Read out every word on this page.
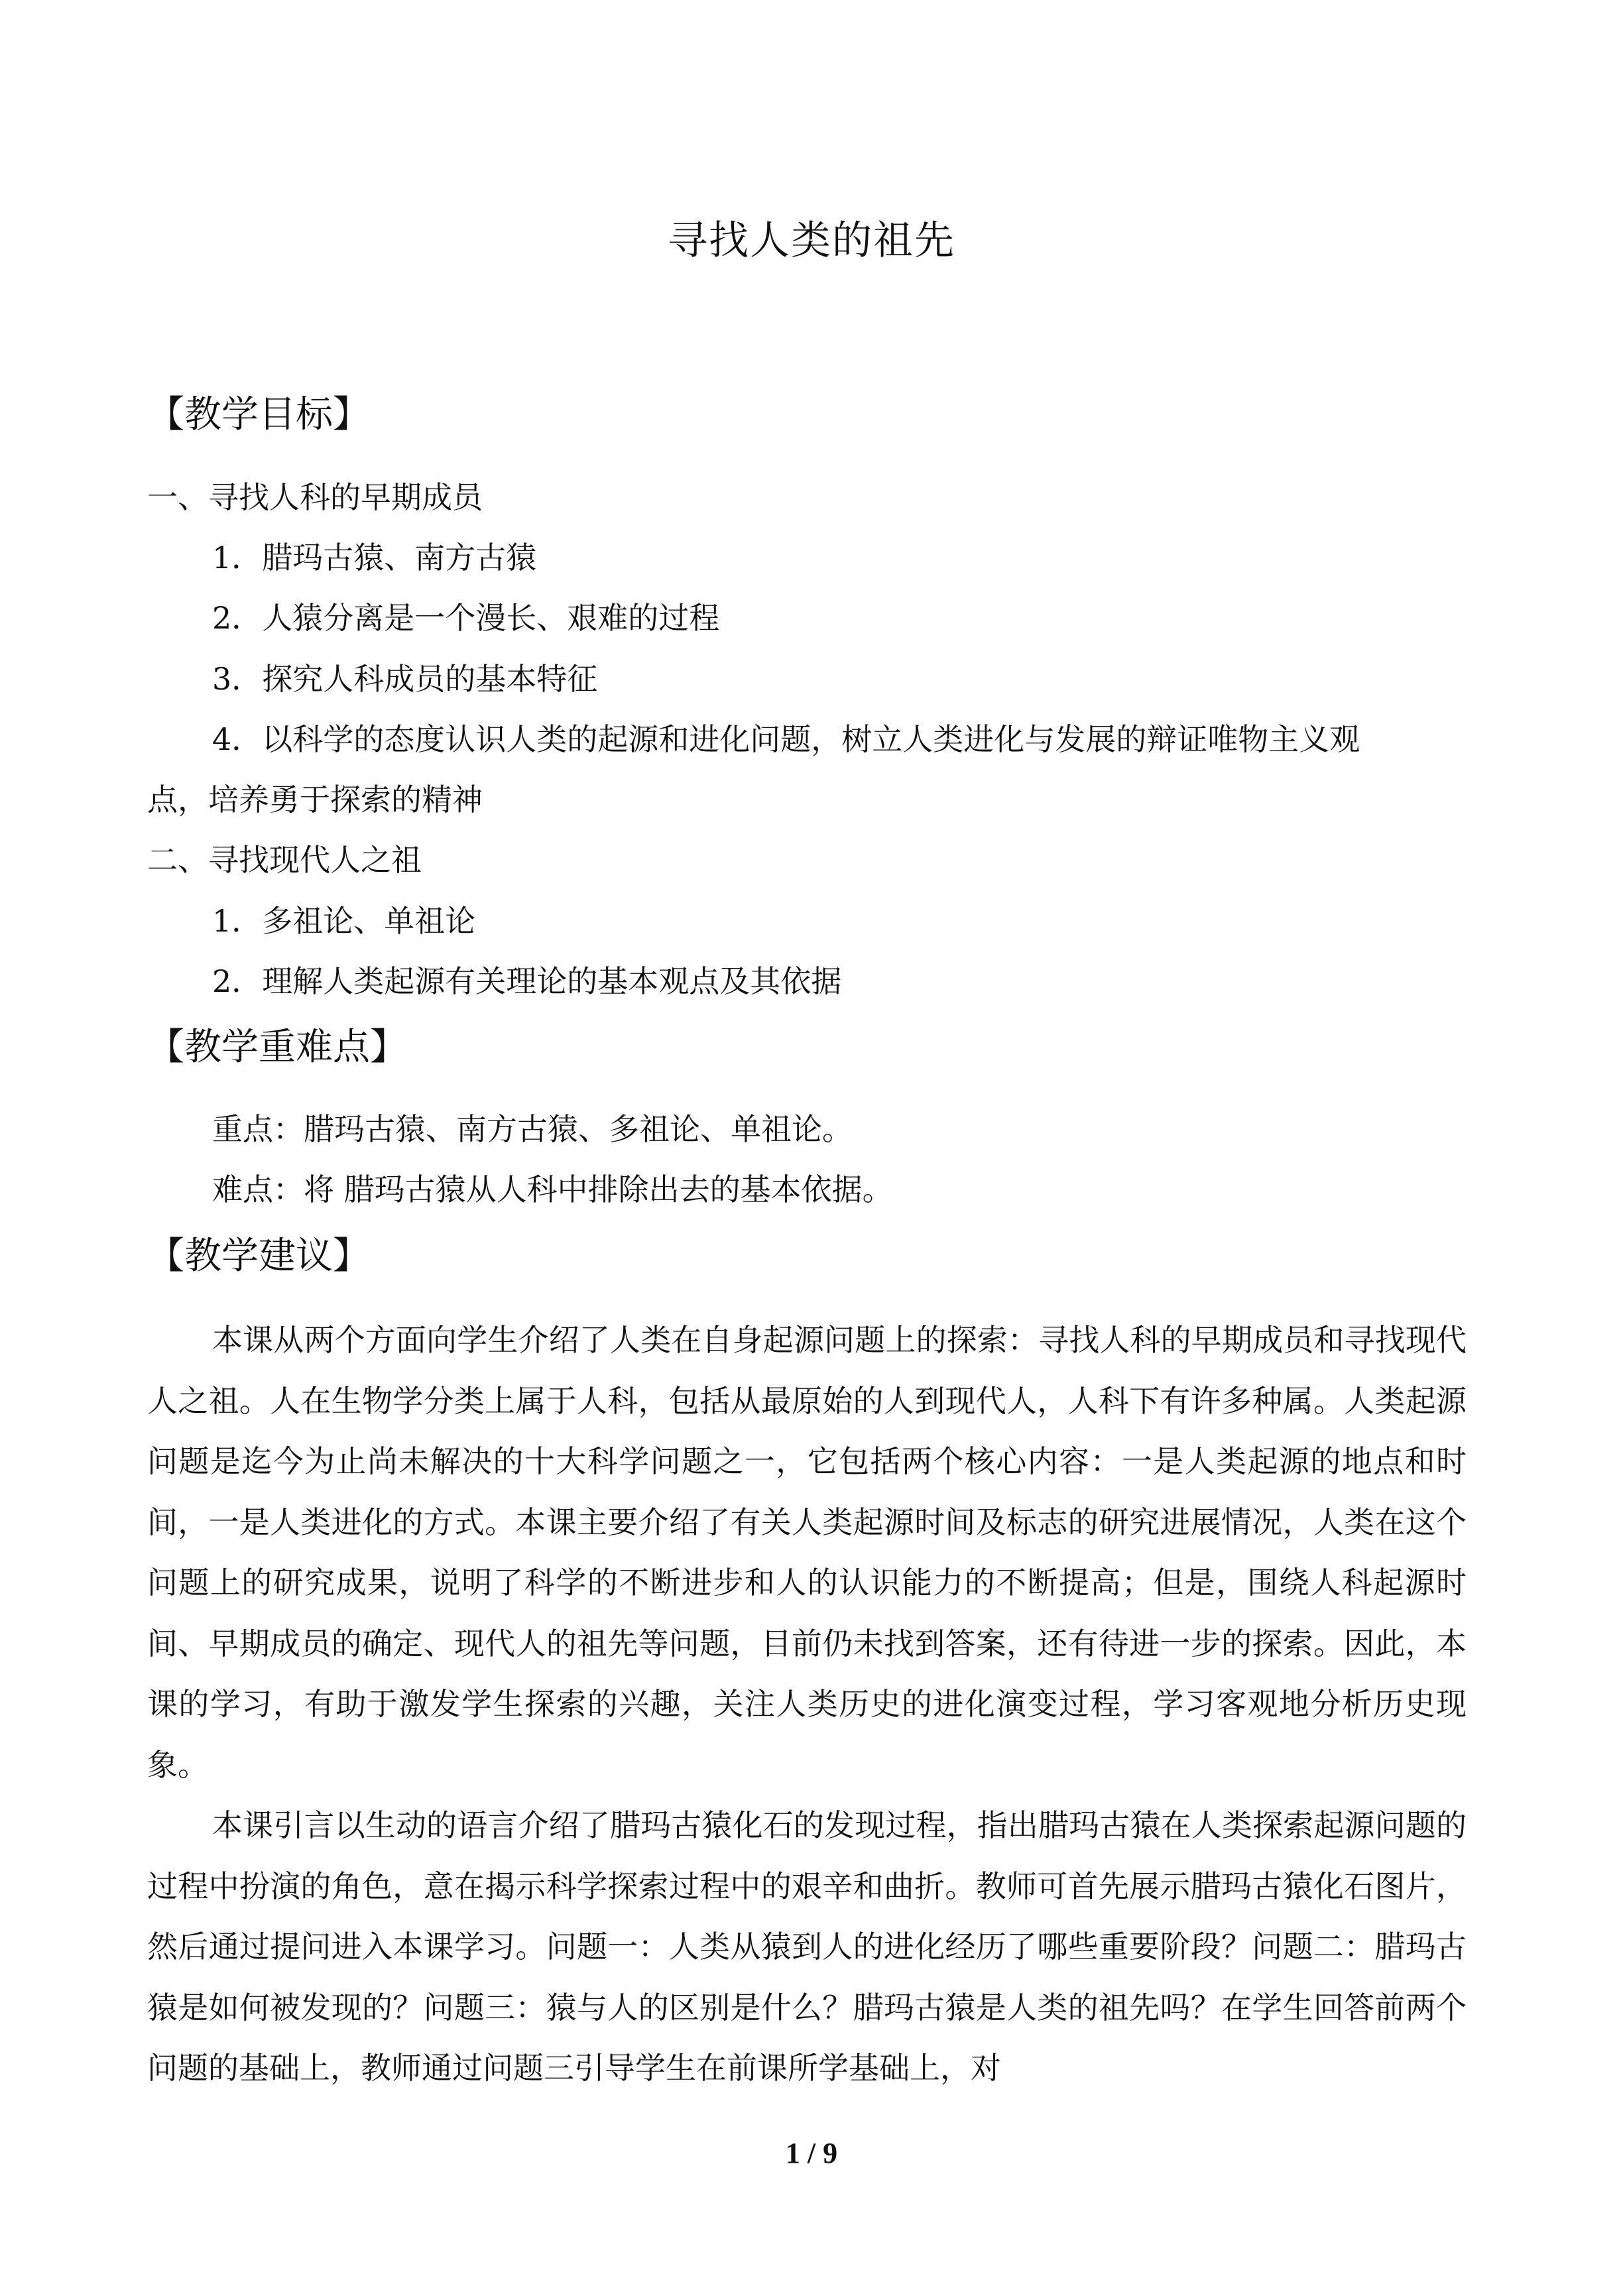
寻找人类的祖先
【教学目标】
一、寻找人科的早期成员
1．腊玛古猿、南方古猿
2．人猿分离是一个漫长、艰难的过程
3．探究人科成员的基本特征
4．以科学的态度认识人类的起源和进化问题，树立人类进化与发展的辩证唯物主义观
点，培养勇于探索的精神
二、寻找现代人之祖
1．多祖论、单祖论
2．理解人类起源有关理论的基本观点及其依据
【教学重难点】
重点：腊玛古猿、南方古猿、多祖论、单祖论。
难点：将 腊玛古猿从人科中排除出去的基本依据。
【教学建议】

本课从两个方面向学生介绍了人类在自身起源问题上的探索：寻找人科的早期成员和寻找现代人之祖。人在生物学分类上属于人科，包括从最原始的人到现代人，人科下有许多种属。人类起源问题是迄今为止尚未解决的十大科学问题之一，它包括两个核心内容：一是人类起源的地点和时间，一是人类进化的方式。本课主要介绍了有关人类起源时间及标志的研究进展情况，人类在这个问题上的研究成果，说明了科学的不断进步和人的认识能力的不断提高；但是，围绕人科起源时间、早期成员的确定、现代人的祖先等问题，目前仍未找到答案，还有待进一步的探索。因此，本课的学习，有助于激发学生探索的兴趣，关注人类历史的进化演变过程，学习客观地分析历史现象。

本课引言以生动的语言介绍了腊玛古猿化石的发现过程，指出腊玛古猿在人类探索起源问题的过程中扮演的角色，意在揭示科学探索过程中的艰辛和曲折。教师可首先展示腊玛古猿化石图片，然后通过提问进入本课学习。问题一：人类从猿到人的进化经历了哪些重要阶段？问题二：腊玛古猿是如何被发现的？问题三：猿与人的区别是什么？腊玛古猿是人类的祖先吗？在学生回答前两个问题的基础上，教师通过问题三引导学生在前课所学基础上，对

1 / 9
